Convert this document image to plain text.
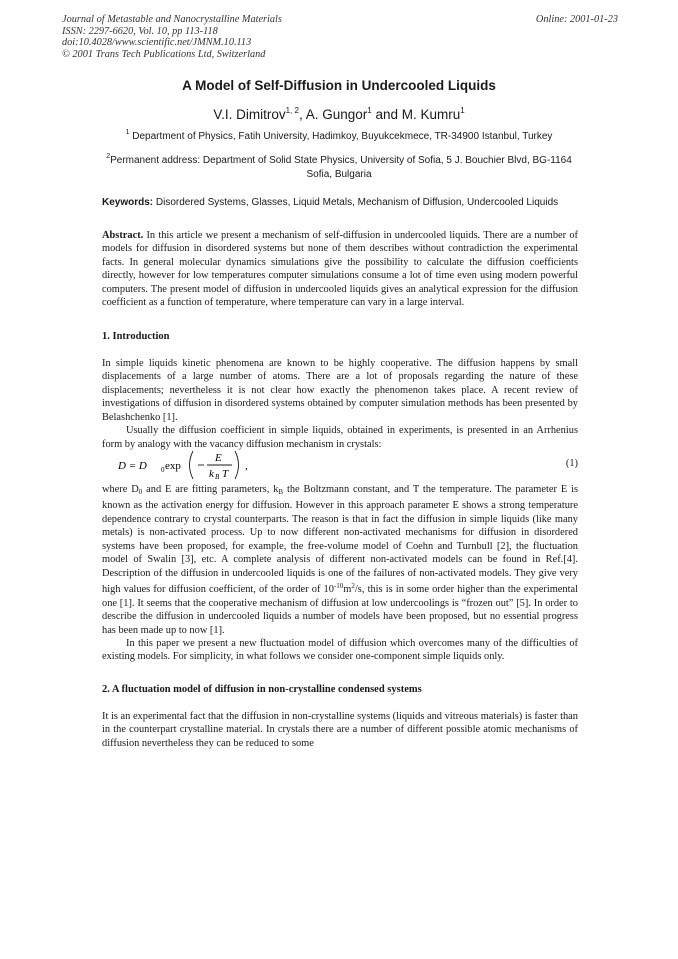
Journal of Metastable and Nanocrystalline Materials
ISSN: 2297-6620, Vol. 10, pp 113-118
doi:10.4028/www.scientific.net/JMNM.10.113
© 2001 Trans Tech Publications Ltd, Switzerland
Online: 2001-01-23
A Model of Self-Diffusion in Undercooled Liquids
V.I. Dimitrov$^{1, 2}$, A. Gungor$^1$ and M. Kumru$^1$
$^1$ Department of Physics, Fatih University, Hadimkoy, Buyukcekmece, TR-34900 Istanbul, Turkey
$^2$Permanent address: Department of Solid State Physics, University of Sofia, 5 J. Bouchier Blvd, BG-1164 Sofia, Bulgaria
Keywords: Disordered Systems, Glasses, Liquid Metals, Mechanism of Diffusion, Undercooled Liquids

Abstract. In this article we present a mechanism of self-diffusion in undercooled liquids. There are a number of models for diffusion in disordered systems but none of them describes without contradiction the experimental facts. In general molecular dynamics simulations give the possibility to calculate the diffusion coefficients directly, however for low temperatures computer simulations consume a lot of time even using modern powerful computers. The present model of diffusion in undercooled liquids gives an analytical expression for the diffusion coefficient as a function of temperature, where temperature can vary in a large interval.

1. Introduction

In simple liquids kinetic phenomena are known to be highly cooperative. The diffusion happens by small displacements of a large number of atoms. There are a lot of proposals regarding the nature of these displacements; nevertheless it is not clear how exactly the phenomenon takes place. A recent review of investigations of diffusion in disordered systems obtained by computer simulation methods has been presented by Belashchenko [1].

Usually the diffusion coefficient in simple liquids, obtained in experiments, is presented in an Arrhenius form by analogy with the vacancy diffusion mechanism in crystals:

D = D 0 exp
E
k B T
,	(1)

where $D_0$ and E are fitting parameters, $k_B$ the Boltzmann constant, and T the temperature. The parameter E is known as the activation energy for diffusion. However in this approach parameter E shows a strong temperature dependence contrary to crystal counterparts. The reason is that in fact the diffusion in simple liquids (like many metals) is non-activated process. Up to now different non-activated mechanisms for diffusion in disordered systems have been proposed, for example, the free-volume model of Coehn and Turnbull [2], the fluctuation model of Swalin [3], etc. A complete analysis of different non-activated models can be found in Ref.[4]. Description of the diffusion in undercooled liquids is one of the failures of non-activated models. They give very high values for diffusion coefficient, of the order of $10^{-10}m^2/s$, this is in some order higher than the experimental one [1]. It seems that the cooperative mechanism of diffusion at low undercoolings is “frozen out” [5]. In order to describe the diffusion in undercooled liquids a number of models have been proposed, but no essential progress has been made up to now [1].

In this paper we present a new fluctuation model of diffusion which overcomes many of the difficulties of existing models. For simplicity, in what follows we consider one-component simple liquids only.

2. A fluctuation model of diffusion in non-crystalline condensed systems

It is an experimental fact that the diffusion in non-crystalline systems (liquids and vitreous materials) is faster than in the counterpart crystalline material. In crystals there are a number of different possible atomic mechanisms of diffusion nevertheless they can be reduced to some
